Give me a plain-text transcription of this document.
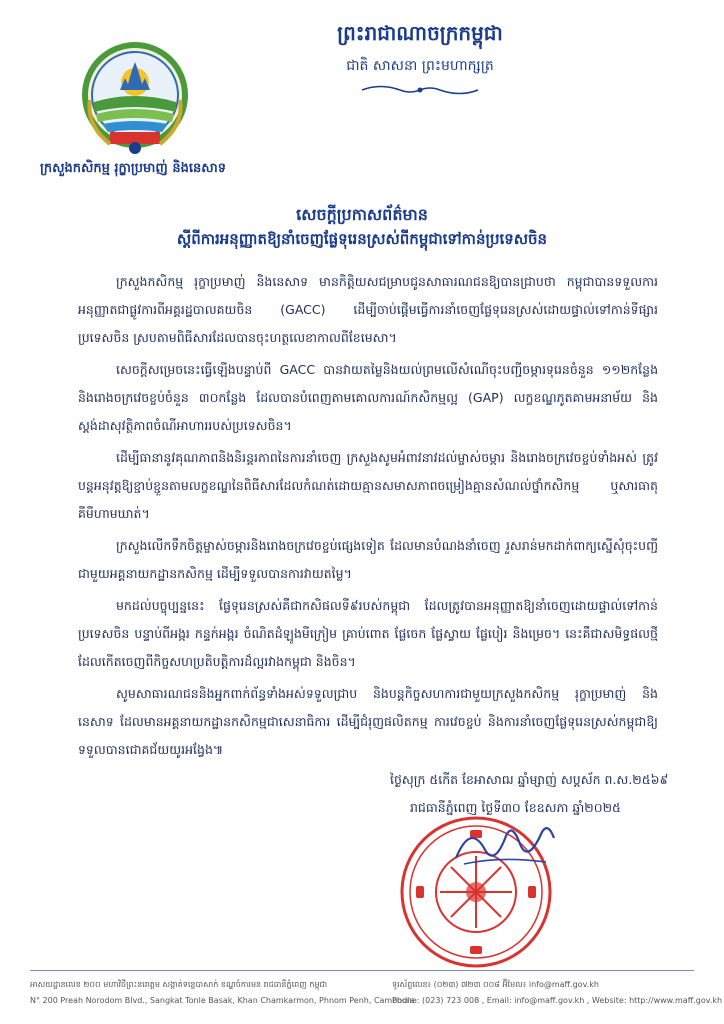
ក្រសួងកសិកម្ម រុក្ខាប្រមាញ់ និងនេសាទ
ព្រះរាជាណាចក្រកម្ពុជា
ជាតិ សាសនា ព្រះមហាក្សត្រ
សេចក្តីប្រកាសព័ត៌មាន
ស្តីពីការអនុញ្ញាតឱ្យនាំចេញផ្លែទុរេនស្រស់ពីកម្ពុជាទៅកាន់ប្រទេសចិន

ក្រសួងកសិកម្ម រុក្ខាប្រមាញ់ និងនេសាទ មានកិត្តិយសជម្រាបជូនសាធារណជនឱ្យបានជ្រាបថា កម្ពុជាបានទទួលការអនុញ្ញាតជាផ្លូវការពីអគ្គរដ្ឋបាលគយចិន (GACC) ដើម្បីចាប់ផ្តើមធ្វើការនាំចេញផ្លែទុរេនស្រស់ដោយផ្ទាល់ទៅកាន់ទីផ្សារប្រទេសចិន ស្របតាមពិធីសារដែលបានចុះហត្ថលេខាកាលពីខែមេសា។

សេចក្តីសម្រេចនេះធ្វើឡើងបន្ទាប់ពី GACC បានវាយតម្លៃនិងយល់ព្រមលើសំណើចុះបញ្ជីចម្ការទុរេនចំនួន ១១២កន្លែង និងរោងចក្រវេចខ្ចប់ចំនួន ៣០កន្លែង ដែលបានបំពេញតាមគោលការណ៍កសិកម្មល្អ (GAP) លក្ខខណ្ឌភូតគាមអនាម័យ និងស្តង់ដាសុវត្ថិភាពចំណីអាហាររបស់ប្រទេសចិន។

ដើម្បីធានានូវគុណភាពនិងនិរន្តរភាពនៃការនាំចេញ ក្រសួងសូមអំពាវនាវដល់ម្ចាស់ចម្ការ និងរោងចក្រវេចខ្ចប់ទាំងអស់ ត្រូវបន្តអនុវត្តឱ្យខ្ជាប់ខ្ជួនតាមលក្ខខណ្ឌនៃពិធីសារដែលកំណត់ដោយគ្មានសមាសភាពចម្រៀងគ្មានសំណល់ថ្នាំកសិកម្ម ឬសារធាតុគីមីហាមឃាត់។

ក្រសួងលើកទឹកចិត្តម្ចាស់ចម្ការនិងរោងចក្រវេចខ្ចប់ផ្សេងទៀត ដែលមានបំណងនាំចេញ រួសរាន់មកដាក់ពាក្យស្នើសុំចុះបញ្ជីជាមួយអគ្គនាយកដ្ឋានកសិកម្ម ដើម្បីទទួលបានការវាយតម្លៃ។

មកដល់បច្ចុប្បន្ននេះ ផ្លែទុរេនស្រស់គឺជាកសិផលទី៩របស់កម្ពុជា ដែលត្រូវបានអនុញ្ញាតឱ្យនាំចេញដោយផ្ទាល់ទៅកាន់ប្រទេសចិន បន្ទាប់ពីអង្ករ កន្ទក់អង្ករ ចំណិតដំឡូងមីក្រៀម គ្រាប់ពោត ផ្លែចេក ផ្លែស្វាយ ផ្លែបៀរ និងម្រេច។ នេះគឺជាសមិទ្ធផលថ្មីដែលកើតចេញពីកិច្ចសហប្រតិបត្តិការដ៏ល្អរវាងកម្ពុជា និងចិន។

សូមសាធារណជននិងអ្នកពាក់ព័ន្ធទាំងអស់ទទួលជ្រាប និងបន្តកិច្ចសហការជាមួយក្រសួងកសិកម្ម រុក្ខាប្រមាញ់ និងនេសាទ ដែលមានអគ្គនាយកដ្ឋានកសិកម្មជាសេនាធិការ ដើម្បីជំរុញផលិតកម្ម ការវេចខ្ចប់ និងការនាំចេញផ្លែទុរេនស្រស់កម្ពុជាឱ្យទទួលបានជោគជ័យយូរអង្វែង៕

ថ្ងៃសុក្រ ៥កើត ខែអាសាឍ ឆ្នាំម្សាញ់ សប្តស័ក ព.ស.២៥៦៩
រាជធានីភ្នំពេញ ថ្ងៃទី៣០ ខែឧសភា ឆ្នាំ២០២៥
អាសយដ្ឋានលេខ ២០០ មហាវិថីព្រះនរោត្តម សង្កាត់ទន្លេបាសាក់ ខណ្ឌចំការមន រាជធានីភ្នំពេញ កម្ពុជា
N° 200 Preah Norodom Blvd., Sangkat Tonle Basak, Khan Chamkarmon, Phnom Penh, Cambodia
ទូរស័ព្ទលេខ៖ (០២៣) ៧២៣ ០០៨ អ៊ីមែល៖ info@maff.gov.kh
Phone: (023) 723 008 , Email: info@maff.gov.kh , Website: http://www.maff.gov.kh
